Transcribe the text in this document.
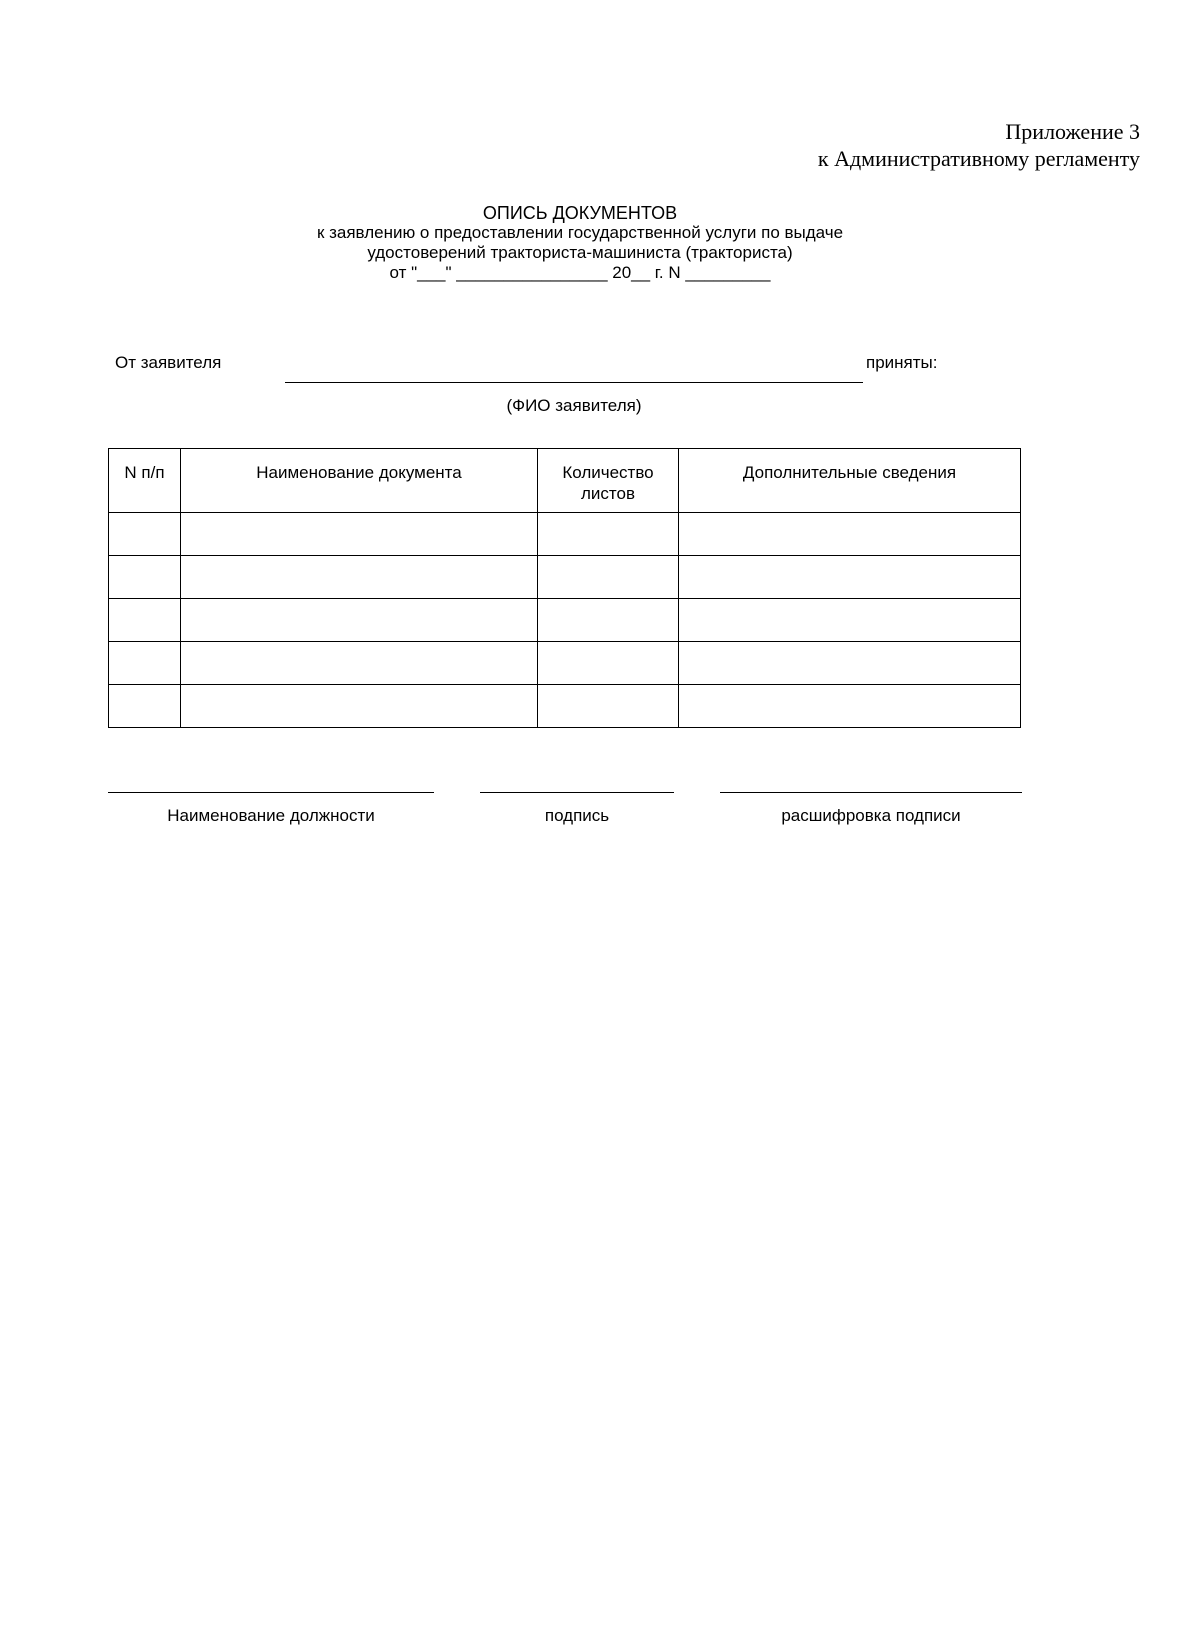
Приложение 3
к Административному регламенту
ОПИСЬ ДОКУМЕНТОВ
к заявлению о предоставлении государственной услуги по выдаче
удостоверений тракториста-машиниста (тракториста)
от "___" ________________ 20__ г. N _________
От заявителя	приняты:
(ФИО заявителя)
N п/п	Наименование документа	Количество листов	Дополнительные сведения

Наименование должности	подпись	расшифровка подписи
